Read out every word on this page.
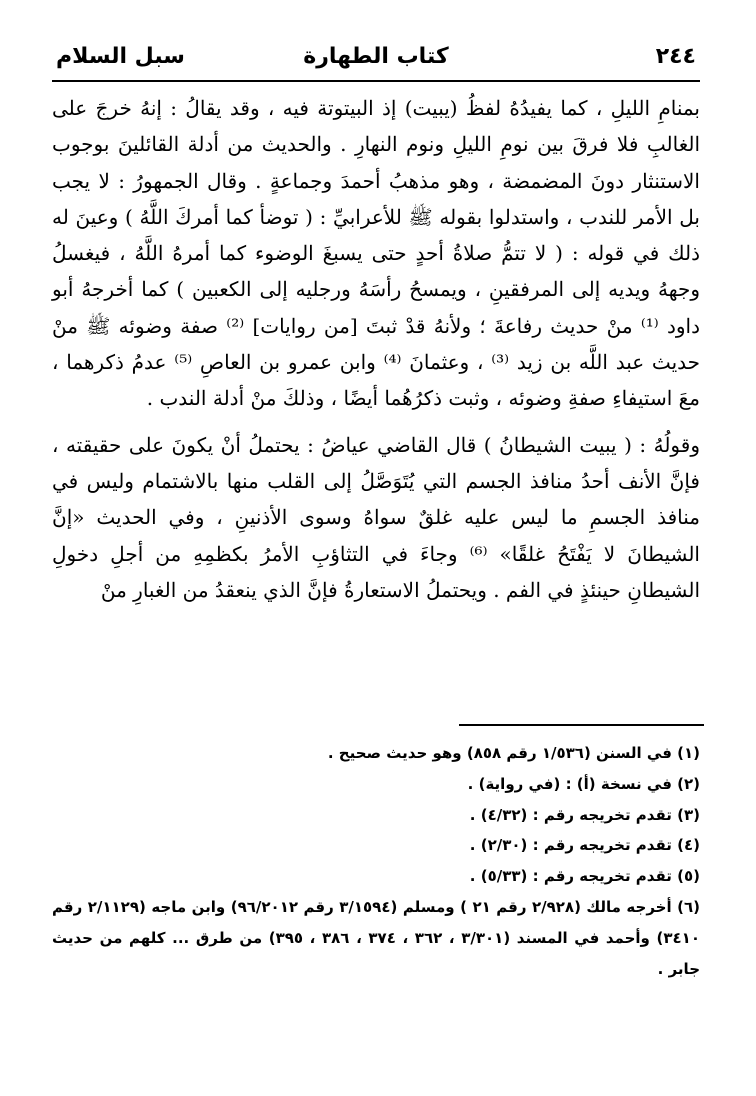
٢٤٤
كتاب الطهارة
سبل السلام

بمنامِ الليلِ ، كما يفيدُهُ لفظُ (يبيت) إذ البيتوتة فيه ، وقد يقالُ : إنهُ خرجَ على الغالبِ فلا فرقَ بين نومِ الليلِ ونوم النهارِ . والحديث من أدلة القائلينَ بوجوب الاستنثار دونَ المضمضة ، وهو مذهبُ أحمدَ وجماعةٍ . وقال الجمهورُ : لا يجب بل الأمر للندب ، واستدلوا بقوله ﷺ للأعرابيِّ : ( توضأ كما أمركَ اللَّهُ ) وعينَ له ذلك في قوله : ( لا تتمُّ صلاةُ أحدٍ حتى يسبغَ الوضوء كما أمرهُ اللَّهُ ، فيغسلُ وجههُ ويديه إلى المرفقينِ ، ويمسحُ رأسَهُ ورجليه إلى الكعبين ) كما أخرجهُ أبو داود ⁽¹⁾ منْ حديث رفاعةَ ؛ ولأنهُ قدْ ثبتَ [من روايات] ⁽²⁾ صفة وضوئه ﷺ منْ حديث عبد اللَّه بن زيد ⁽³⁾ ، وعثمانَ ⁽⁴⁾ وابن عمرو بن العاصِ ⁽⁵⁾ عدمُ ذكرهما ، معَ استيفاءِ صفةِ وضوئه ، وثبت ذكرُهُما أيضًا ، وذلكَ منْ أدلة الندب .

وقولُهُ : ( يبيت الشيطانُ ) قال القاضي عياضُ : يحتملُ أنْ يكونَ على حقيقته ، فإنَّ الأنف أحدُ منافذ الجسم التي يُتَوَصَّلُ إلى القلب منها بالاشتمام وليس في منافذ الجسمِ ما ليس عليه غلقٌ سواهُ وسوى الأذنينِ ، وفي الحديث «إنَّ الشيطانَ لا يَفْتَحُ غلقًا» ⁽⁶⁾ وجاءَ في التثاؤبِ الأمرُ بكظمِهِ من أجلِ دخولِ الشيطانِ حينئذٍ في الفم . ويحتملُ الاستعارةُ فإنَّ الذي ينعقدُ من الغبارِ منْ

(١) في السنن (١/٥٣٦ رقم ٨٥٨) وهو حديث صحيح .
(٢) في نسخة (أ) : (في رواية) .
(٣) تقدم تخريجه رقم : (٤/٣٢) .
(٤) تقدم تخريجه رقم : (٢/٣٠) .
(٥) تقدم تخريجه رقم : (٥/٣٣) .
(٦) أخرجه مالك (٢/٩٢٨ رقم ٢١ ) ومسلم (٣/١٥٩٤ رقم ٩٦/٢٠١٢) وابن ماجه (٢/١١٢٩ رقم ٣٤١٠) وأحمد في المسند (٣/٣٠١ ، ٣٦٢ ، ٣٧٤ ، ٣٨٦ ، ٣٩٥) من طرق ... كلهم من حديث جابر .
